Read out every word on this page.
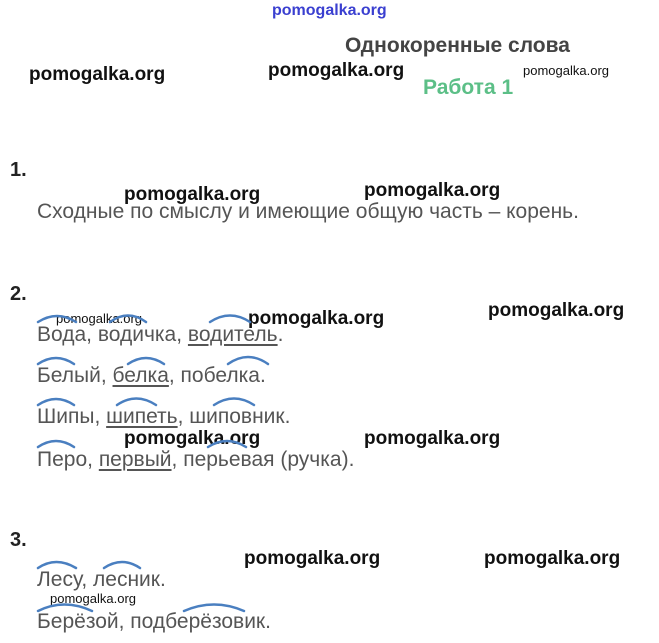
pomogalka.org
pomogalka.org	pomogalka.org	pomogalka.org
pomogalka.org	pomogalka.org
pomogalka.org	pomogalka.org	pomogalka.org
pomogalka.org	pomogalka.org
pomogalka.org	pomogalka.org
pomogalka.org
Однокоренные слова
Работа 1
1.
Сходные по смыслу и имеющие общую часть – корень.
2.
Вода, водичка, водитель.
Белый, белка, побелка.
Шипы, шипеть, шиповник.
Перо, первый, перьевая (ручка).
3.
Лесу, лесник.
Берёзой, подберёзовик.
